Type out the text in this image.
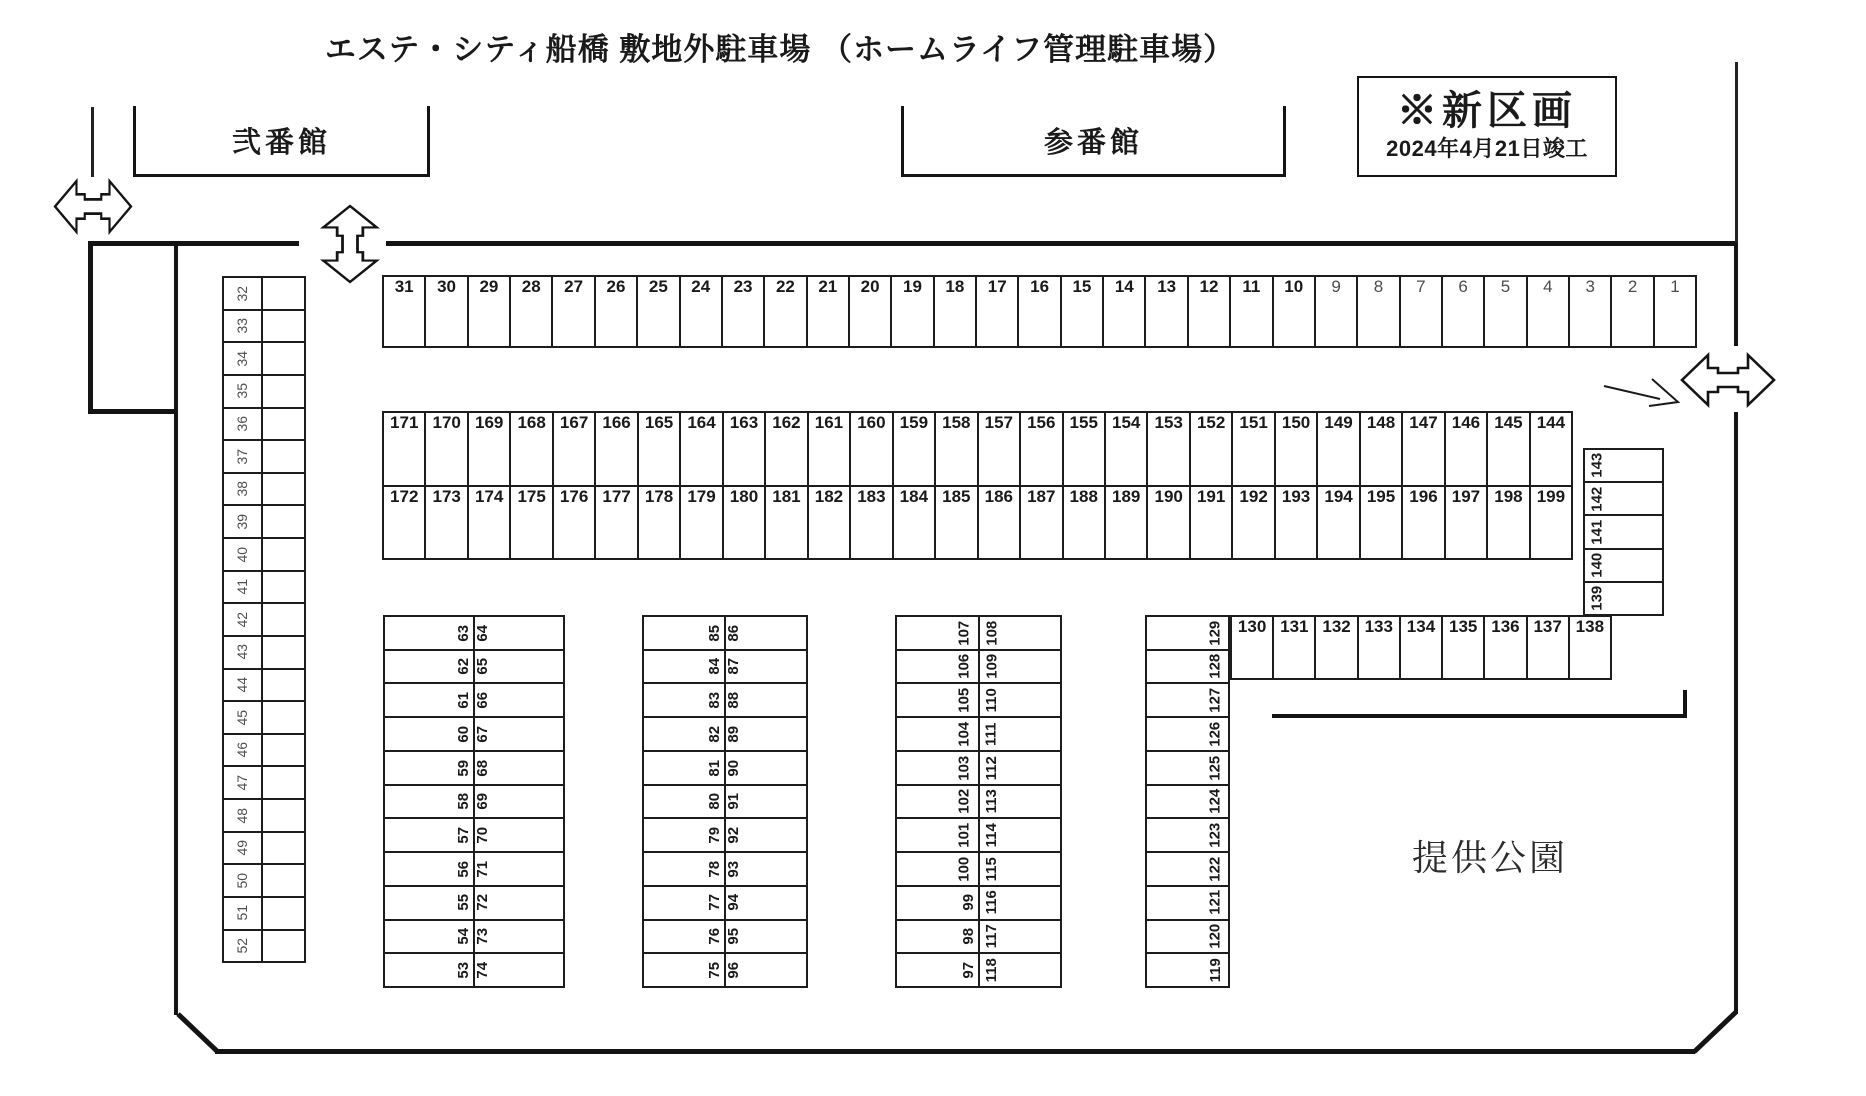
エステ・シティ船橋 敷地外駐車場 （ホームライフ管理駐車場）
弐番館	参番館
※新区画
2024年4月21日竣工
提供公園
31 30 29 28 27 26 25 24 23 22 21 20 19 18 17 16 15 14 13 12 11 10 9 8 7 6 5 4 3 2 1
32
33
34
35
36
37
38
39
40
41
42
43
44
45
46
47
48
49
50
51
52
171 170 169 168 167 166 165 164 163 162 161 160 159 158 157 156 155 154 153 152 151 150 149 148 147 146 145 144
172 173 174 175 176 177 178 179 180 181 182 183 184 185 186 187 188 189 190 191 192 193 194 195 196 197 198 199
143
142
141
140
139
63 64
62 65
61 66
60 67
59 68
58 69
57 70
56 71
55 72
54 73
53 74
85 86
84 87
83 88
82 89
81 90
80 91
79 92
78 93
77 94
76 95
75 96
107 108
106 109
105 110
104 111
103 112
102 113
101 114
100 115
99 116
98 117
97 118
129
128
127
126
125
124
123
122
121
120
119
130 131 132 133 134 135 136 137 138
